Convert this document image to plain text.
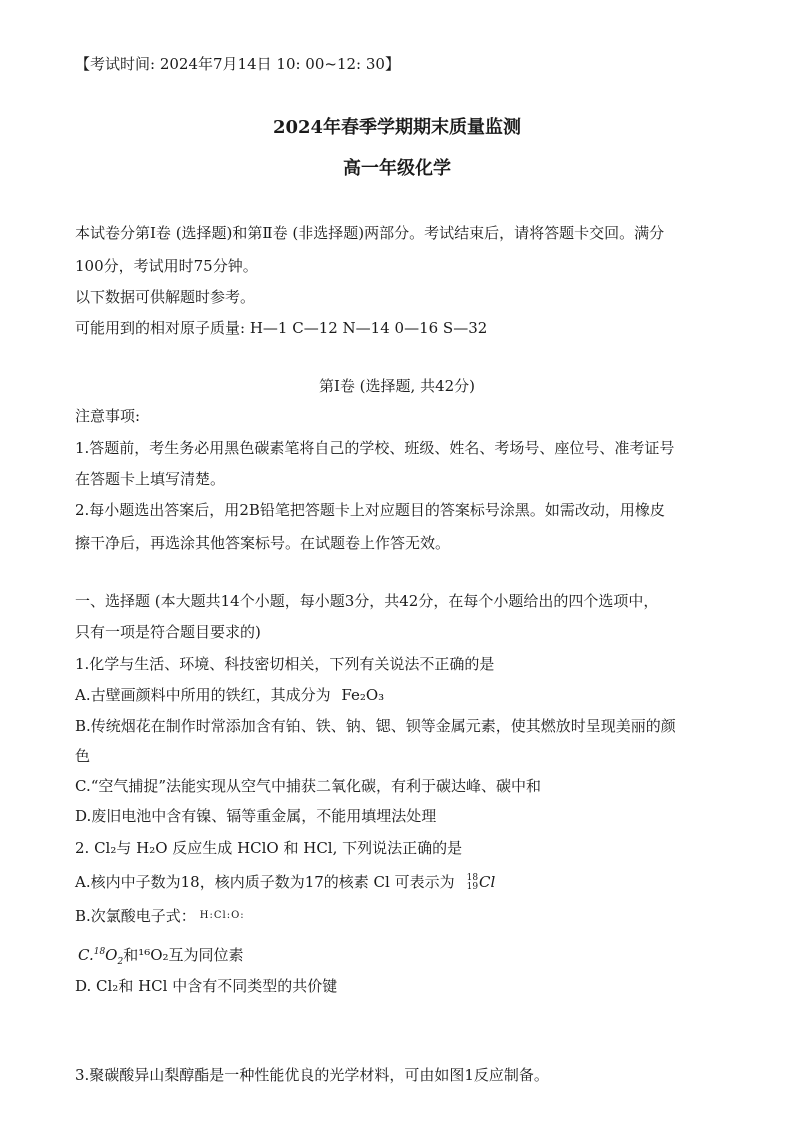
【考试时间: 2024年7月14日 10: 00~12: 30】
2024年春季学期期末质量监测
高一年级化学
本试卷分第Ⅰ卷 (选择题)和第Ⅱ卷 (非选择题)两部分。考试结束后，请将答题卡交回。满分
100分，考试用时75分钟。
以下数据可供解题时参考。
可能用到的相对原子质量: H—1 C—12 N—14 0—16 S—32
第Ⅰ卷 (选择题, 共42分)
注意事项:
1.答题前，考生务必用黑色碳素笔将自己的学校、班级、姓名、考场号、座位号、准考证号
在答题卡上填写清楚。
2.每小题选出答案后，用2B铅笔把答题卡上对应题目的答案标号涂黑。如需改动，用橡皮
擦干净后，再选涂其他答案标号。在试题卷上作答无效。
一、选择题 (本大题共14个小题，每小题3分，共42分，在每个小题给出的四个选项中，
只有一项是符合题目要求的)
1.化学与生活、环境、科技密切相关，下列有关说法不正确的是
A.古壁画颜料中所用的铁红，其成分为 Fe₂O₃
B.传统烟花在制作时常添加含有铂、铁、钠、锶、钡等金属元素，使其燃放时呈现美丽的颜
色
C.“空气捕捉”法能实现从空气中捕获二氧化碳，有利于碳达峰、碳中和
D.废旧电池中含有镍、镉等重金属，不能用填埋法处理
2. Cl₂与 H₂O 反应生成 HClO 和 HCl, 下列说法正确的是
A.核内中子数为18，核内质子数为17的核素 Cl 可表示为 18
19 Cl
B.次氯酸电子式： $^{H:Cl:O:}$
$C.^{18}O_2$和¹⁶O₂互为同位素
D. Cl₂和 HCl 中含有不同类型的共价键
3.聚碳酸异山梨醇酯是一种性能优良的光学材料，可由如图1反应制备。
